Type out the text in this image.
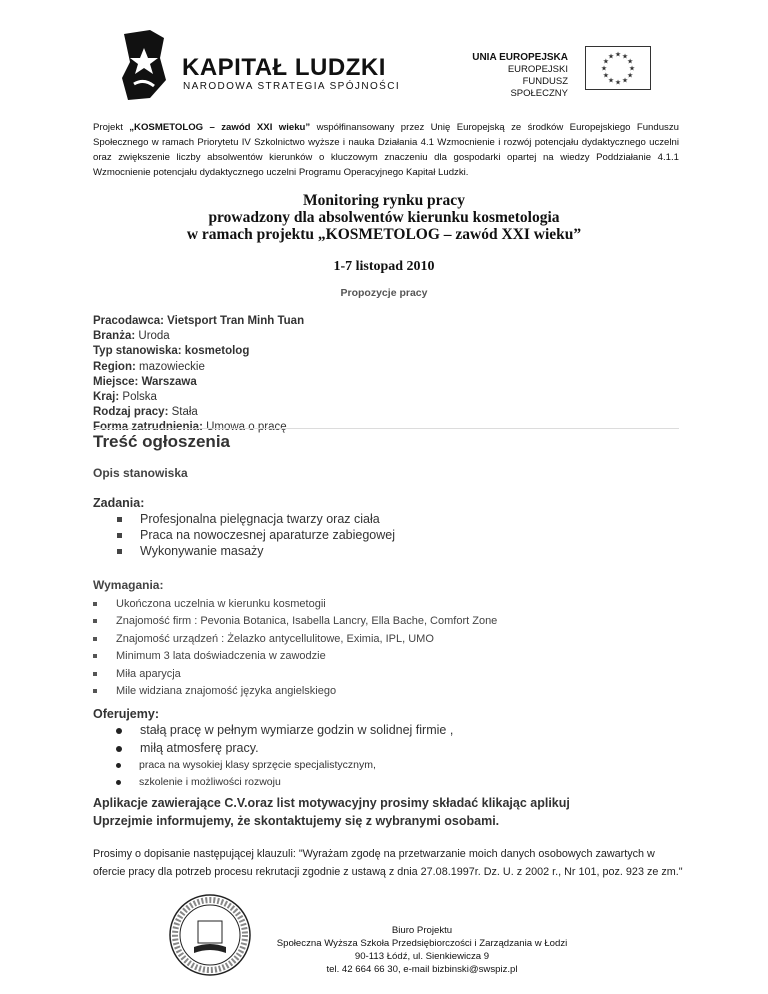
KAPITAŁ LUDZKI
NARODOWA STRATEGIA SPÓJNOŚCI
UNIA EUROPEJSKA
EUROPEJSKI
FUNDUSZ SPOŁECZNY
★
★
★
★
★
★
★
★
★ ★ ★
★
Projekt „KOSMETOLOG – zawód XXI wieku” współfinansowany przez Unię Europejską ze środków Europejskiego Funduszu Społecznego w ramach Priorytetu IV Szkolnictwo wyższe i nauka Działania 4.1 Wzmocnienie i rozwój potencjału dydaktycznego uczelni oraz zwiększenie liczby absolwentów kierunków o kluczowym znaczeniu dla gospodarki opartej na wiedzy Poddziałanie 4.1.1 Wzmocnienie potencjału dydaktycznego uczelni Programu Operacyjnego Kapitał Ludzki.
Monitoring rynku pracy
prowadzony dla absolwentów kierunku kosmetologia
w ramach projektu „KOSMETOLOG – zawód XXI wieku”
1-7 listopad 2010
Propozycje pracy
Pracodawca: Vietsport Tran Minh Tuan
Branża: Uroda
Typ stanowiska: kosmetolog
Region: mazowieckie
Miejsce: Warszawa
Kraj: Polska
Rodzaj pracy: Stała
Treść ogłoszenia
Opis stanowiska
Zadania:
Profesjonalna pielęgnacja twarzy oraz ciała
Praca na nowoczesnej aparaturze zabiegowej
Wykonywanie masaży
Wymagania:
Ukończona uczelnia w kierunku kosmetogii
Znajomość firm : Pevonia Botanica, Isabella Lancry, Ella Bache, Comfort Zone
Znajomość urządzeń : Żelazko antycellulitowe, Eximia, IPL, UMO
Minimum 3 lata doświadczenia w zawodzie
Miła aparycja
Mile widziana znajomość języka angielskiego
Oferujemy:
stałą pracę w pełnym wymiarze godzin w solidnej firmie ,
miłą atmosferę pracy.
praca na wysokiej klasy sprzęcie specjalistycznym,
szkolenie i możliwości rozwoju
Aplikacje zawierające C.V.oraz list motywacyjny prosimy składać klikając aplikuj
Uprzejmie informujemy, że skontaktujemy się z wybranymi osobami.
Prosimy o dopisanie następującej klauzuli: "Wyrażam zgodę na przetwarzanie moich danych osobowych zawartych w ofercie pracy dla potrzeb procesu rekrutacji zgodnie z ustawą z dnia 27.08.1997r. Dz. U. z 2002 r., Nr 101, poz. 923 ze zm."
Biuro Projektu
Społeczna Wyższa Szkoła Przedsiębiorczości i Zarządzania w Łodzi
90-113 Łódź, ul. Sienkiewicza 9
tel. 42 664 66 30, e-mail bizbinski@swspiz.pl
